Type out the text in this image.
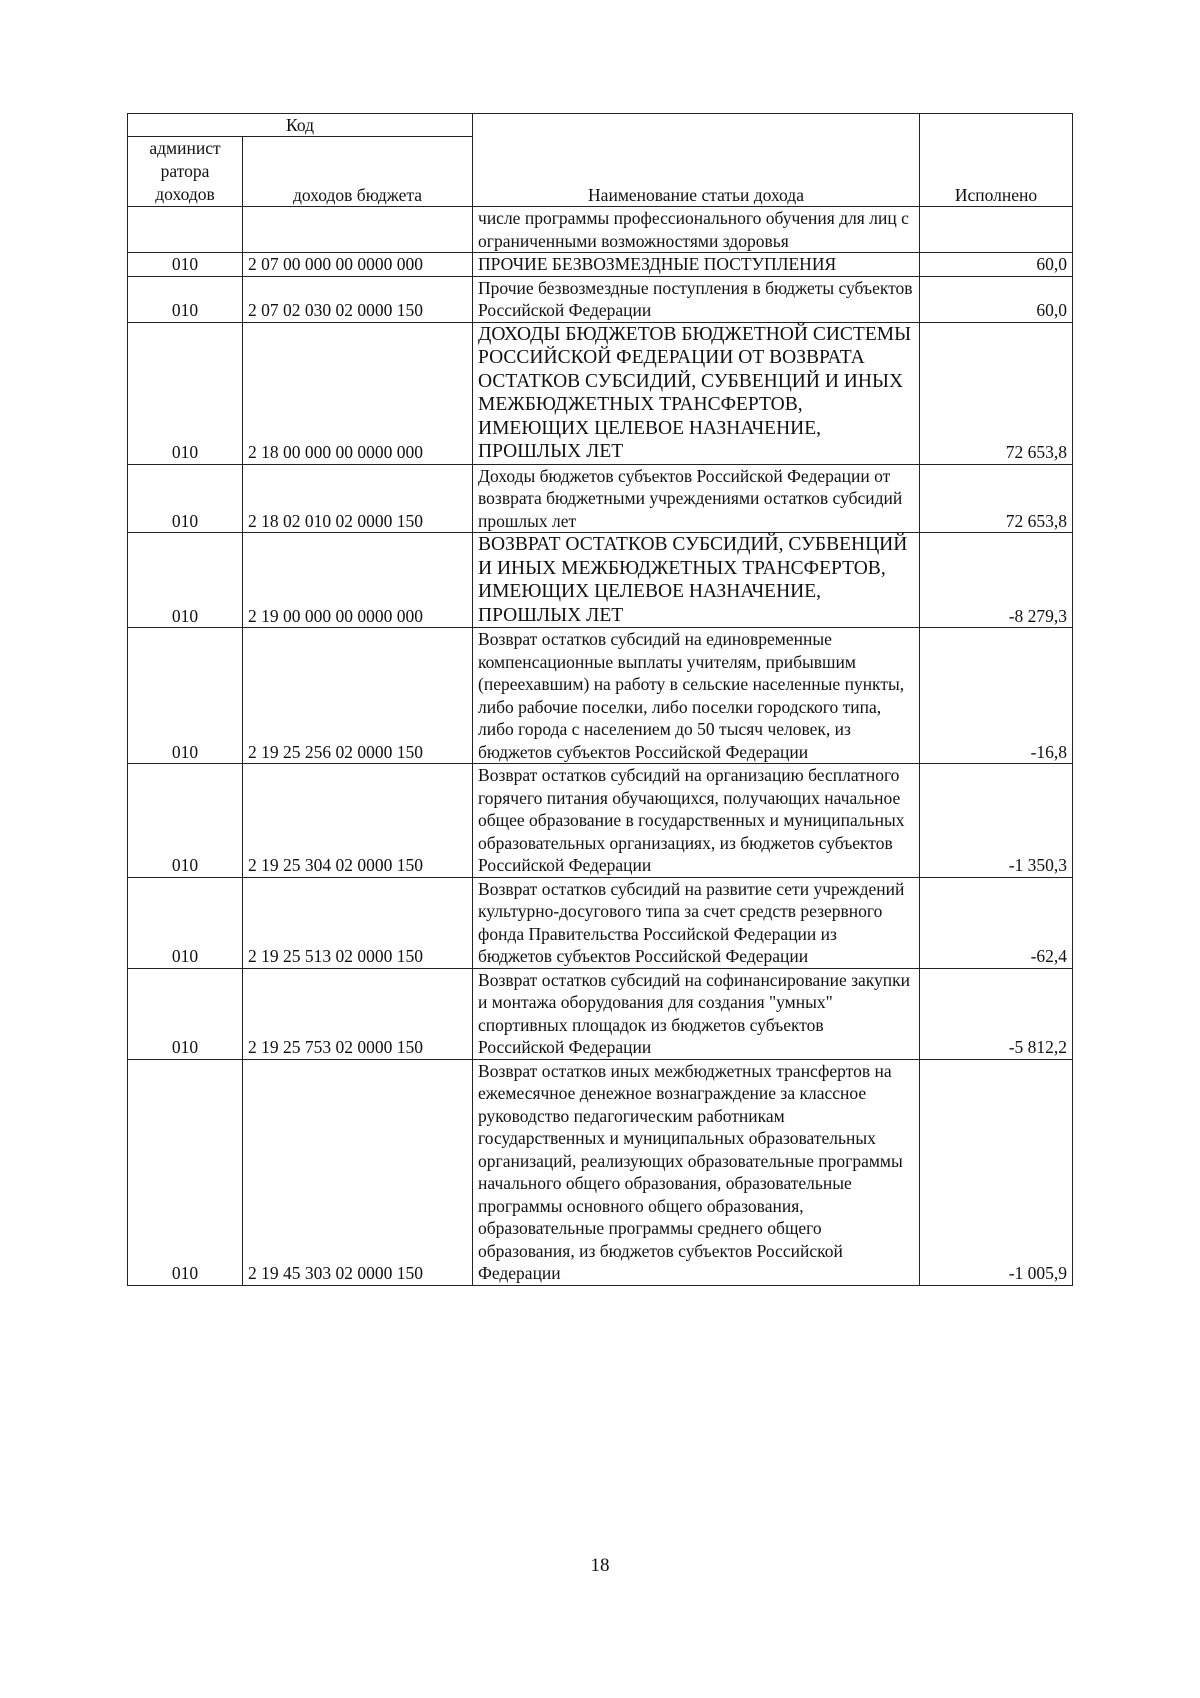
Код		Наименование статьи дохода	Исполнено
админист ратора доходов	доходов бюджета		
		числе программы профессионального обучения для лиц с ограниченными возможностями здоровья	
010	2 07 00 000 00 0000 000	ПРОЧИЕ БЕЗВОЗМЕЗДНЫЕ ПОСТУПЛЕНИЯ	60,0
010	2 07 02 030 02 0000 150	Прочие безвозмездные поступления в бюджеты субъектов Российской Федерации	60,0
010	2 18 00 000 00 0000 000	ДОХОДЫ БЮДЖЕТОВ БЮДЖЕТНОЙ СИСТЕМЫ РОССИЙСКОЙ ФЕДЕРАЦИИ ОТ ВОЗВРАТА ОСТАТКОВ СУБСИДИЙ, СУБВЕНЦИЙ И ИНЫХ МЕЖБЮДЖЕТНЫХ ТРАНСФЕРТОВ, ИМЕЮЩИХ ЦЕЛЕВОЕ НАЗНАЧЕНИЕ, ПРОШЛЫХ ЛЕТ	72 653,8
010	2 18 02 010 02 0000 150	Доходы бюджетов субъектов Российской Федерации от возврата бюджетными учреждениями остатков субсидий прошлых лет	72 653,8
010	2 19 00 000 00 0000 000	ВОЗВРАТ ОСТАТКОВ СУБСИДИЙ, СУБВЕНЦИЙ И ИНЫХ МЕЖБЮДЖЕТНЫХ ТРАНСФЕРТОВ, ИМЕЮЩИХ ЦЕЛЕВОЕ НАЗНАЧЕНИЕ, ПРОШЛЫХ ЛЕТ	-8 279,3
010	2 19 25 256 02 0000 150	Возврат остатков субсидий на единовременные компенсационные выплаты учителям, прибывшим (переехавшим) на работу в сельские населенные пункты, либо рабочие поселки, либо поселки городского типа, либо города с населением до 50 тысяч человек, из бюджетов субъектов Российской Федерации	-16,8
010	2 19 25 304 02 0000 150	Возврат остатков субсидий на организацию бесплатного горячего питания обучающихся, получающих начальное общее образование в государственных и муниципальных образовательных организациях, из бюджетов субъектов Российской Федерации	-1 350,3
010	2 19 25 513 02 0000 150	Возврат остатков субсидий на развитие сети учреждений культурно-досугового типа за счет средств резервного фонда Правительства Российской Федерации из бюджетов субъектов Российской Федерации	-62,4
010	2 19 25 753 02 0000 150	Возврат остатков субсидий на софинансирование закупки и монтажа оборудования для создания "умных" спортивных площадок из бюджетов субъектов Российской Федерации	-5 812,2
010	2 19 45 303 02 0000 150	Возврат остатков иных межбюджетных трансфертов на ежемесячное денежное вознаграждение за классное руководство педагогическим работникам государственных и муниципальных образовательных организаций, реализующих образовательные программы начального общего образования, образовательные программы основного общего образования, образовательные программы среднего общего образования, из бюджетов субъектов Российской Федерации	-1 005,9
18
